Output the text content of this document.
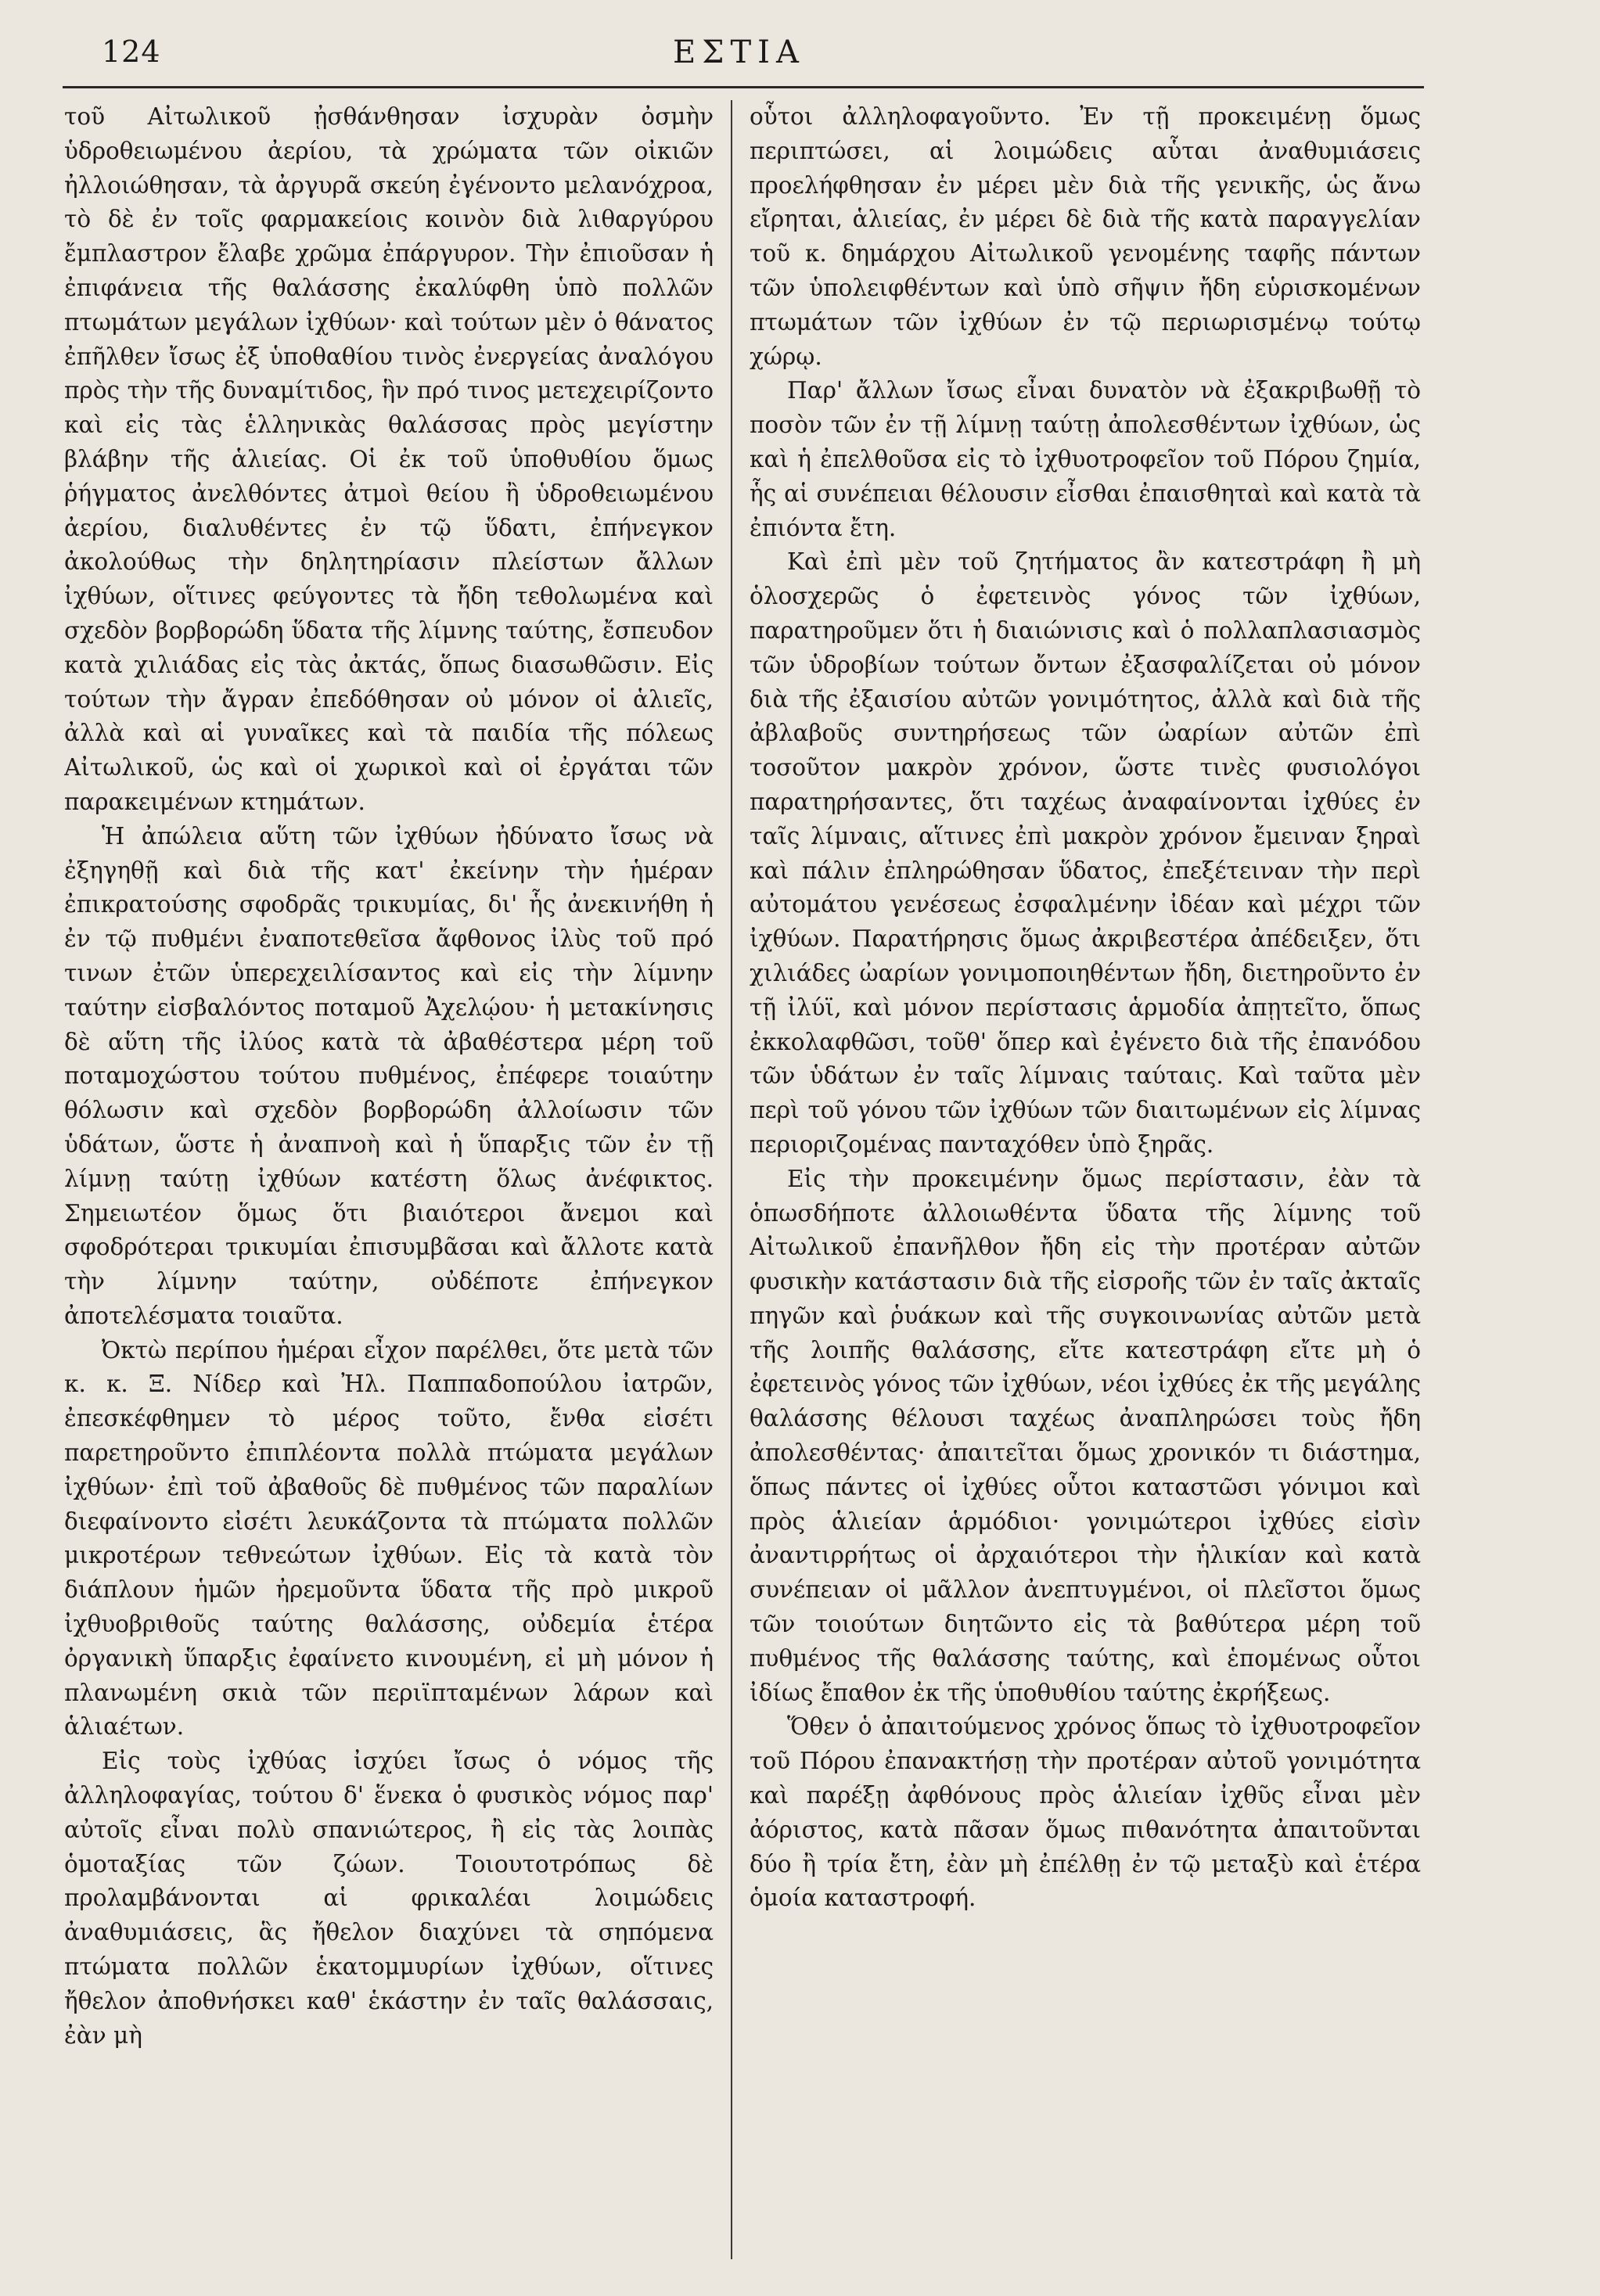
124	ΕΣΤΙΑ

τοῦ Αἰτωλικοῦ ᾐσθάνθησαν ἰσχυρὰν ὀσμὴν ὑδροθειωμένου ἀερίου, τὰ χρώματα τῶν οἰκιῶν ἠλλοιώθησαν, τὰ ἀργυρᾶ σκεύη ἐγένοντο μελανόχροα, τὸ δὲ ἐν τοῖς φαρμακείοις κοινὸν διὰ λιθαργύρου ἔμπλαστρον ἔλαβε χρῶμα ἐπάργυρον. Τὴν ἐπιοῦσαν ἡ ἐπιφάνεια τῆς θαλάσσης ἐκαλύφθη ὑπὸ πολλῶν πτωμάτων μεγάλων ἰχθύων· καὶ τούτων μὲν ὁ θάνατος ἐπῆλθεν ἴσως ἐξ ὑποθαθίου τινὸς ἐνεργείας ἀναλόγου πρὸς τὴν τῆς δυναμίτιδος, ἣν πρό τινος μετεχειρίζοντο καὶ εἰς τὰς ἑλληνικὰς θαλάσσας πρὸς μεγίστην βλάβην τῆς ἁλιείας. Οἱ ἐκ τοῦ ὑποθυθίου ὅμως ῥήγματος ἀνελθόντες ἀτμοὶ θείου ἢ ὑδροθειωμένου ἀερίου, διαλυθέντες ἐν τῷ ὕδατι, ἐπήνεγκον ἀκολούθως τὴν δηλητηρίασιν πλείστων ἄλλων ἰχθύων, οἵτινες φεύγοντες τὰ ἤδη τεθολωμένα καὶ σχεδὸν βορβορώδη ὕδατα τῆς λίμνης ταύτης, ἔσπευδον κατὰ χιλιάδας εἰς τὰς ἀκτάς, ὅπως διασωθῶσιν. Εἰς τούτων τὴν ἄγραν ἐπεδόθησαν οὐ μόνον οἱ ἁλιεῖς, ἀλλὰ καὶ αἱ γυναῖκες καὶ τὰ παιδία τῆς πόλεως Αἰτωλικοῦ, ὡς καὶ οἱ χωρικοὶ καὶ οἱ ἐργάται τῶν παρακειμένων κτημάτων.

Ἡ ἀπώλεια αὕτη τῶν ἰχθύων ἠδύνατο ἴσως νὰ ἐξηγηθῇ καὶ διὰ τῆς κατ' ἐκείνην τὴν ἡμέραν ἐπικρατούσης σφοδρᾶς τρικυμίας, δι' ἧς ἀνεκινήθη ἡ ἐν τῷ πυθμένι ἐναποτεθεῖσα ἄφθονος ἰλὺς τοῦ πρό τινων ἐτῶν ὑπερεχειλίσαντος καὶ εἰς τὴν λίμνην ταύτην εἰσβαλόντος ποταμοῦ Ἀχελῴου· ἡ μετακίνησις δὲ αὕτη τῆς ἰλύος κατὰ τὰ ἀβαθέστερα μέρη τοῦ ποταμοχώστου τούτου πυθμένος, ἐπέφερε τοιαύτην θόλωσιν καὶ σχεδὸν βορβορώδη ἀλλοίωσιν τῶν ὑδάτων, ὥστε ἡ ἀναπνοὴ καὶ ἡ ὕπαρξις τῶν ἐν τῇ λίμνῃ ταύτῃ ἰχθύων κατέστη ὅλως ἀνέφικτος. Σημειωτέον ὅμως ὅτι βιαιότεροι ἄνεμοι καὶ σφοδρότεραι τρικυμίαι ἐπισυμβᾶσαι καὶ ἄλλοτε κατὰ τὴν λίμνην ταύτην, οὐδέποτε ἐπήνεγκον ἀποτελέσματα τοιαῦτα.

Ὀκτὼ περίπου ἡμέραι εἶχον παρέλθει, ὅτε μετὰ τῶν κ. κ. Ξ. Νίδερ καὶ Ἠλ. Παππαδοπούλου ἰατρῶν, ἐπεσκέφθημεν τὸ μέρος τοῦτο, ἔνθα εἰσέτι παρετηροῦντο ἐπιπλέοντα πολλὰ πτώματα μεγάλων ἰχθύων· ἐπὶ τοῦ ἀβαθοῦς δὲ πυθμένος τῶν παραλίων διεφαίνοντο εἰσέτι λευκάζοντα τὰ πτώματα πολλῶν μικροτέρων τεθνεώτων ἰχθύων. Εἰς τὰ κατὰ τὸν διάπλουν ἡμῶν ἠρεμοῦντα ὕδατα τῆς πρὸ μικροῦ ἰχθυοβριθοῦς ταύτης θαλάσσης, οὐδεμία ἑτέρα ὀργανικὴ ὕπαρξις ἐφαίνετο κινουμένη, εἰ μὴ μόνον ἡ πλανωμένη σκιὰ τῶν περιϊπταμένων λάρων καὶ ἁλιαέτων.

Εἰς τοὺς ἰχθύας ἰσχύει ἴσως ὁ νόμος τῆς ἀλληλοφαγίας, τούτου δ' ἕνεκα ὁ φυσικὸς νόμος παρ' αὐτοῖς εἶναι πολὺ σπανιώτερος, ἢ εἰς τὰς λοιπὰς ὁμοταξίας τῶν ζώων. Τοιουτοτρόπως δὲ προλαμβάνονται αἱ φρικαλέαι λοιμώδεις ἀναθυμιάσεις, ἃς ἤθελον διαχύνει τὰ σηπόμενα πτώματα πολλῶν ἑκατομμυρίων ἰχθύων, οἵτινες ἤθελον ἀποθνήσκει καθ' ἑκάστην ἐν ταῖς θαλάσσαις, ἐὰν μὴ

οὗτοι ἀλληλοφαγοῦντο. Ἐν τῇ προκειμένῃ ὅμως περιπτώσει, αἱ λοιμώδεις αὗται ἀναθυμιάσεις προελήφθησαν ἐν μέρει μὲν διὰ τῆς γενικῆς, ὡς ἄνω εἴρηται, ἁλιείας, ἐν μέρει δὲ διὰ τῆς κατὰ παραγγελίαν τοῦ κ. δημάρχου Αἰτωλικοῦ γενομένης ταφῆς πάντων τῶν ὑπολειφθέντων καὶ ὑπὸ σῆψιν ἤδη εὑρισκομένων πτωμάτων τῶν ἰχθύων ἐν τῷ περιωρισμένῳ τούτῳ χώρῳ.

Παρ' ἄλλων ἴσως εἶναι δυνατὸν νὰ ἐξακριβωθῇ τὸ ποσὸν τῶν ἐν τῇ λίμνῃ ταύτῃ ἀπολεσθέντων ἰχθύων, ὡς καὶ ἡ ἐπελθοῦσα εἰς τὸ ἰχθυοτροφεῖον τοῦ Πόρου ζημία, ἧς αἱ συνέπειαι θέλουσιν εἶσθαι ἐπαισθηταὶ καὶ κατὰ τὰ ἐπιόντα ἔτη.

Καὶ ἐπὶ μὲν τοῦ ζητήματος ἂν κατεστράφη ἢ μὴ ὁλοσχερῶς ὁ ἐφετεινὸς γόνος τῶν ἰχθύων, παρατηροῦμεν ὅτι ἡ διαιώνισις καὶ ὁ πολλαπλασιασμὸς τῶν ὑδροβίων τούτων ὄντων ἐξασφαλίζεται οὐ μόνον διὰ τῆς ἐξαισίου αὐτῶν γονιμότητος, ἀλλὰ καὶ διὰ τῆς ἀβλαβοῦς συντηρήσεως τῶν ὠαρίων αὐτῶν ἐπὶ τοσοῦτον μακρὸν χρόνον, ὥστε τινὲς φυσιολόγοι παρατηρήσαντες, ὅτι ταχέως ἀναφαίνονται ἰχθύες ἐν ταῖς λίμναις, αἵτινες ἐπὶ μακρὸν χρόνον ἔμειναν ξηραὶ καὶ πάλιν ἐπληρώθησαν ὕδατος, ἐπεξέτειναν τὴν περὶ αὐτομάτου γενέσεως ἐσφαλμένην ἰδέαν καὶ μέχρι τῶν ἰχθύων. Παρατήρησις ὅμως ἀκριβεστέρα ἀπέδειξεν, ὅτι χιλιάδες ὠαρίων γονιμοποιηθέντων ἤδη, διετηροῦντο ἐν τῇ ἰλύϊ, καὶ μόνον περίστασις ἁρμοδία ἀπῃτεῖτο, ὅπως ἐκκολαφθῶσι, τοῦθ' ὅπερ καὶ ἐγένετο διὰ τῆς ἐπανόδου τῶν ὑδάτων ἐν ταῖς λίμναις ταύταις. Καὶ ταῦτα μὲν περὶ τοῦ γόνου τῶν ἰχθύων τῶν διαιτωμένων εἰς λίμνας περιοριζομένας πανταχόθεν ὑπὸ ξηρᾶς.

Εἰς τὴν προκειμένην ὅμως περίστασιν, ἐὰν τὰ ὁπωσδήποτε ἀλλοιωθέντα ὕδατα τῆς λίμνης τοῦ Αἰτωλικοῦ ἐπανῆλθον ἤδη εἰς τὴν προτέραν αὐτῶν φυσικὴν κατάστασιν διὰ τῆς εἰσροῆς τῶν ἐν ταῖς ἀκταῖς πηγῶν καὶ ῥυάκων καὶ τῆς συγκοινωνίας αὐτῶν μετὰ τῆς λοιπῆς θαλάσσης, εἴτε κατεστράφη εἴτε μὴ ὁ ἐφετεινὸς γόνος τῶν ἰχθύων, νέοι ἰχθύες ἐκ τῆς μεγάλης θαλάσσης θέλουσι ταχέως ἀναπληρώσει τοὺς ἤδη ἀπολεσθέντας· ἀπαιτεῖται ὅμως χρονικόν τι διάστημα, ὅπως πάντες οἱ ἰχθύες οὗτοι καταστῶσι γόνιμοι καὶ πρὸς ἁλιείαν ἁρμόδιοι· γονιμώτεροι ἰχθύες εἰσὶν ἀναντιρρήτως οἱ ἀρχαιότεροι τὴν ἡλικίαν καὶ κατὰ συνέπειαν οἱ μᾶλλον ἀνεπτυγμένοι, οἱ πλεῖστοι ὅμως τῶν τοιούτων διητῶντο εἰς τὰ βαθύτερα μέρη τοῦ πυθμένος τῆς θαλάσσης ταύτης, καὶ ἑπομένως οὗτοι ἰδίως ἔπαθον ἐκ τῆς ὑποθυθίου ταύτης ἐκρήξεως.

Ὅθεν ὁ ἀπαιτούμενος χρόνος ὅπως τὸ ἰχθυοτροφεῖον τοῦ Πόρου ἐπανακτήσῃ τὴν προτέραν αὐτοῦ γονιμότητα καὶ παρέξῃ ἀφθόνους πρὸς ἁλιείαν ἰχθῦς εἶναι μὲν ἀόριστος, κατὰ πᾶσαν ὅμως πιθανότητα ἀπαιτοῦνται δύο ἢ τρία ἔτη, ἐὰν μὴ ἐπέλθῃ ἐν τῷ μεταξὺ καὶ ἑτέρα ὁμοία καταστροφή.
